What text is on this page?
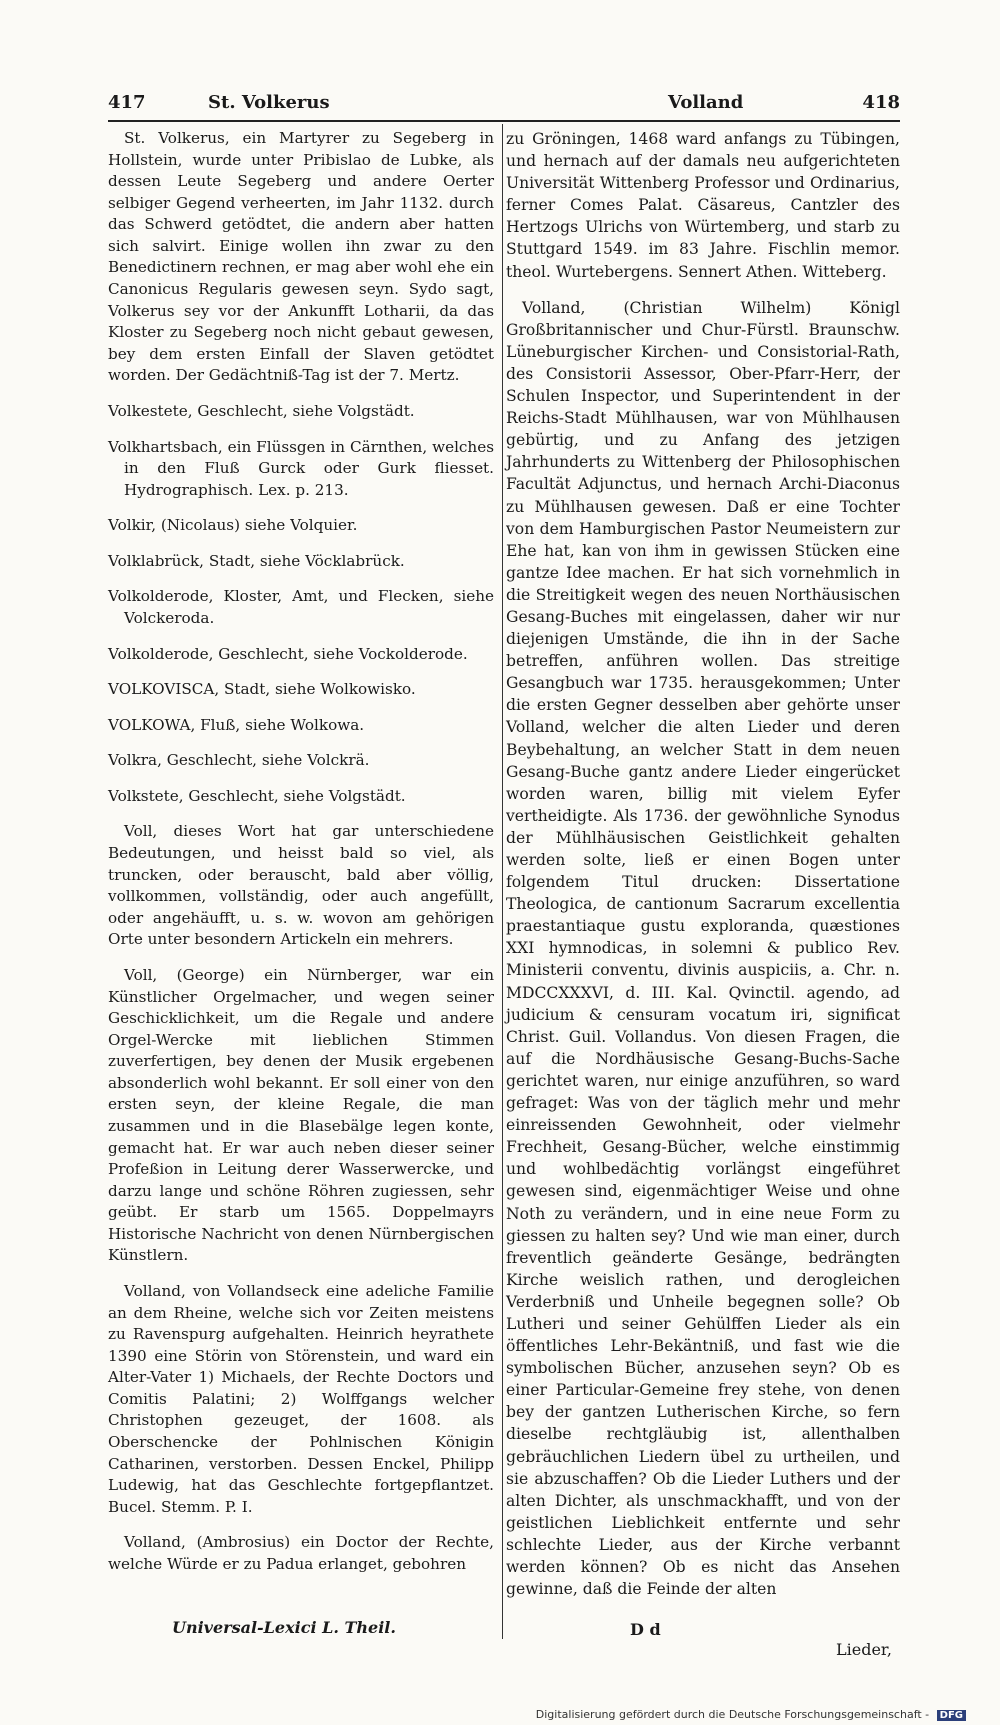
417	St. Volkerus	Volland	418

St. Volkerus, ein Martyrer zu Segeberg in Hollstein, wurde unter Pribislao de Lubke, als dessen Leute Segeberg und andere Oerter selbiger Gegend verheerten, im Jahr 1132. durch das Schwerd getödtet, die andern aber hatten sich salvirt. Einige wollen ihn zwar zu den Benedictinern rechnen, er mag aber wohl ehe ein Canonicus Regularis gewesen seyn. Sydo sagt, Volkerus sey vor der Ankunfft Lotharii, da das Kloster zu Segeberg noch nicht gebaut gewesen, bey dem ersten Einfall der Slaven getödtet worden. Der Gedächtniß-Tag ist der 7. Mertz.

Volkestete, Geschlecht, siehe Volgstädt.

Volkhartsbach, ein Flüssgen in Cärnthen, welches in den Fluß Gurck oder Gurk fliesset. Hydrographisch. Lex. p. 213.

Volkir, (Nicolaus) siehe Volquier.

Volklabrück, Stadt, siehe Vöcklabrück.

Volkolderode, Kloster, Amt, und Flecken, siehe Volckeroda.

Volkolderode, Geschlecht, siehe Vockolderode.

VOLKOVISCA, Stadt, siehe Wolkowisko.

VOLKOWA, Fluß, siehe Wolkowa.

Volkra, Geschlecht, siehe Volckrä.

Volkstete, Geschlecht, siehe Volgstädt.

Voll, dieses Wort hat gar unterschiedene Bedeutungen, und heisst bald so viel, als truncken, oder berauscht, bald aber völlig, vollkommen, vollständig, oder auch angefüllt, oder angehäufft, u. s. w. wovon am gehörigen Orte unter besondern Artickeln ein mehrers.

Voll, (George) ein Nürnberger, war ein Künstlicher Orgelmacher, und wegen seiner Geschicklichkeit, um die Regale und andere Orgel-Wercke mit lieblichen Stimmen zuverfertigen, bey denen der Musik ergebenen absonderlich wohl bekannt. Er soll einer von den ersten seyn, der kleine Regale, die man zusammen und in die Blasebälge legen konte, gemacht hat. Er war auch neben dieser seiner Profeßion in Leitung derer Wasserwercke, und darzu lange und schöne Röhren zugiessen, sehr geübt. Er starb um 1565. Doppelmayrs Historische Nachricht von denen Nürnbergischen Künstlern.

Volland, von Vollandseck eine adeliche Familie an dem Rheine, welche sich vor Zeiten meistens zu Ravenspurg aufgehalten. Heinrich heyrathete 1390 eine Störin von Störenstein, und ward ein Alter-Vater 1) Michaels, der Rechte Doctors und Comitis Palatini; 2) Wolffgangs welcher Christophen gezeuget, der 1608. als Oberschencke der Pohlnischen Königin Catharinen, verstorben. Dessen Enckel, Philipp Ludewig, hat das Geschlechte fortgepflantzet. Bucel. Stemm. P. I.

Volland, (Ambrosius) ein Doctor der Rechte, welche Würde er zu Padua erlanget, gebohren

zu Gröningen, 1468 ward anfangs zu Tübingen, und hernach auf der damals neu aufgerichteten Universität Wittenberg Professor und Ordinarius, ferner Comes Palat. Cäsareus, Cantzler des Hertzogs Ulrichs von Würtemberg, und starb zu Stuttgard 1549. im 83 Jahre. Fischlin memor. theol. Wurtebergens. Sennert Athen. Witteberg.

Volland, (Christian Wilhelm) Königl Großbritannischer und Chur-Fürstl. Braunschw. Lüneburgischer Kirchen- und Consistorial-Rath, des Consistorii Assessor, Ober-Pfarr-Herr, der Schulen Inspector, und Superintendent in der Reichs-Stadt Mühlhausen, war von Mühlhausen gebürtig, und zu Anfang des jetzigen Jahrhunderts zu Wittenberg der Philosophischen Facultät Adjunctus, und hernach Archi-Diaconus zu Mühlhausen gewesen. Daß er eine Tochter von dem Hamburgischen Pastor Neumeistern zur Ehe hat, kan von ihm in gewissen Stücken eine gantze Idee machen. Er hat sich vornehmlich in die Streitigkeit wegen des neuen Northäusischen Gesang-Buches mit eingelassen, daher wir nur diejenigen Umstände, die ihn in der Sache betreffen, anführen wollen. Das streitige Gesangbuch war 1735. herausgekommen; Unter die ersten Gegner desselben aber gehörte unser Volland, welcher die alten Lieder und deren Beybehaltung, an welcher Statt in dem neuen Gesang-Buche gantz andere Lieder eingerücket worden waren, billig mit vielem Eyfer vertheidigte. Als 1736. der gewöhnliche Synodus der Mühlhäusischen Geistlichkeit gehalten werden solte, ließ er einen Bogen unter folgendem Titul drucken: Dissertatione Theologica, de cantionum Sacrarum excellentia praestantiaque gustu exploranda, quæstiones XXI hymnodicas, in solemni & publico Rev. Ministerii conventu, divinis auspiciis, a. Chr. n. MDCCXXXVI, d. III. Kal. Qvinctil. agendo, ad judicium & censuram vocatum iri, significat Christ. Guil. Vollandus. Von diesen Fragen, die auf die Nordhäusische Gesang-Buchs-Sache gerichtet waren, nur einige anzuführen, so ward gefraget: Was von der täglich mehr und mehr einreissenden Gewohnheit, oder vielmehr Frechheit, Gesang-Bücher, welche einstimmig und wohlbedächtig vorlängst eingeführet gewesen sind, eigenmächtiger Weise und ohne Noth zu verändern, und in eine neue Form zu giessen zu halten sey? Und wie man einer, durch freventlich geänderte Gesänge, bedrängten Kirche weislich rathen, und derogleichen Verderbniß und Unheile begegnen solle? Ob Lutheri und seiner Gehülffen Lieder als ein öffentliches Lehr-Bekäntniß, und fast wie die symbolischen Bücher, anzusehen seyn? Ob es einer Particular-Gemeine frey stehe, von denen bey der gantzen Lutherischen Kirche, so fern dieselbe rechtgläubig ist, allenthalben gebräuchlichen Liedern übel zu urtheilen, und sie abzuschaffen? Ob die Lieder Luthers und der alten Dichter, als unschmackhafft, und von der geistlichen Lieblichkeit entfernte und sehr schlechte Lieder, aus der Kirche verbannt werden können? Ob es nicht das Ansehen gewinne, daß die Feinde der alten

Universal-Lexici L. Theil.	D d
Lieder,
Digitalisierung gefördert durch die Deutsche Forschungsgemeinschaft - DFG
